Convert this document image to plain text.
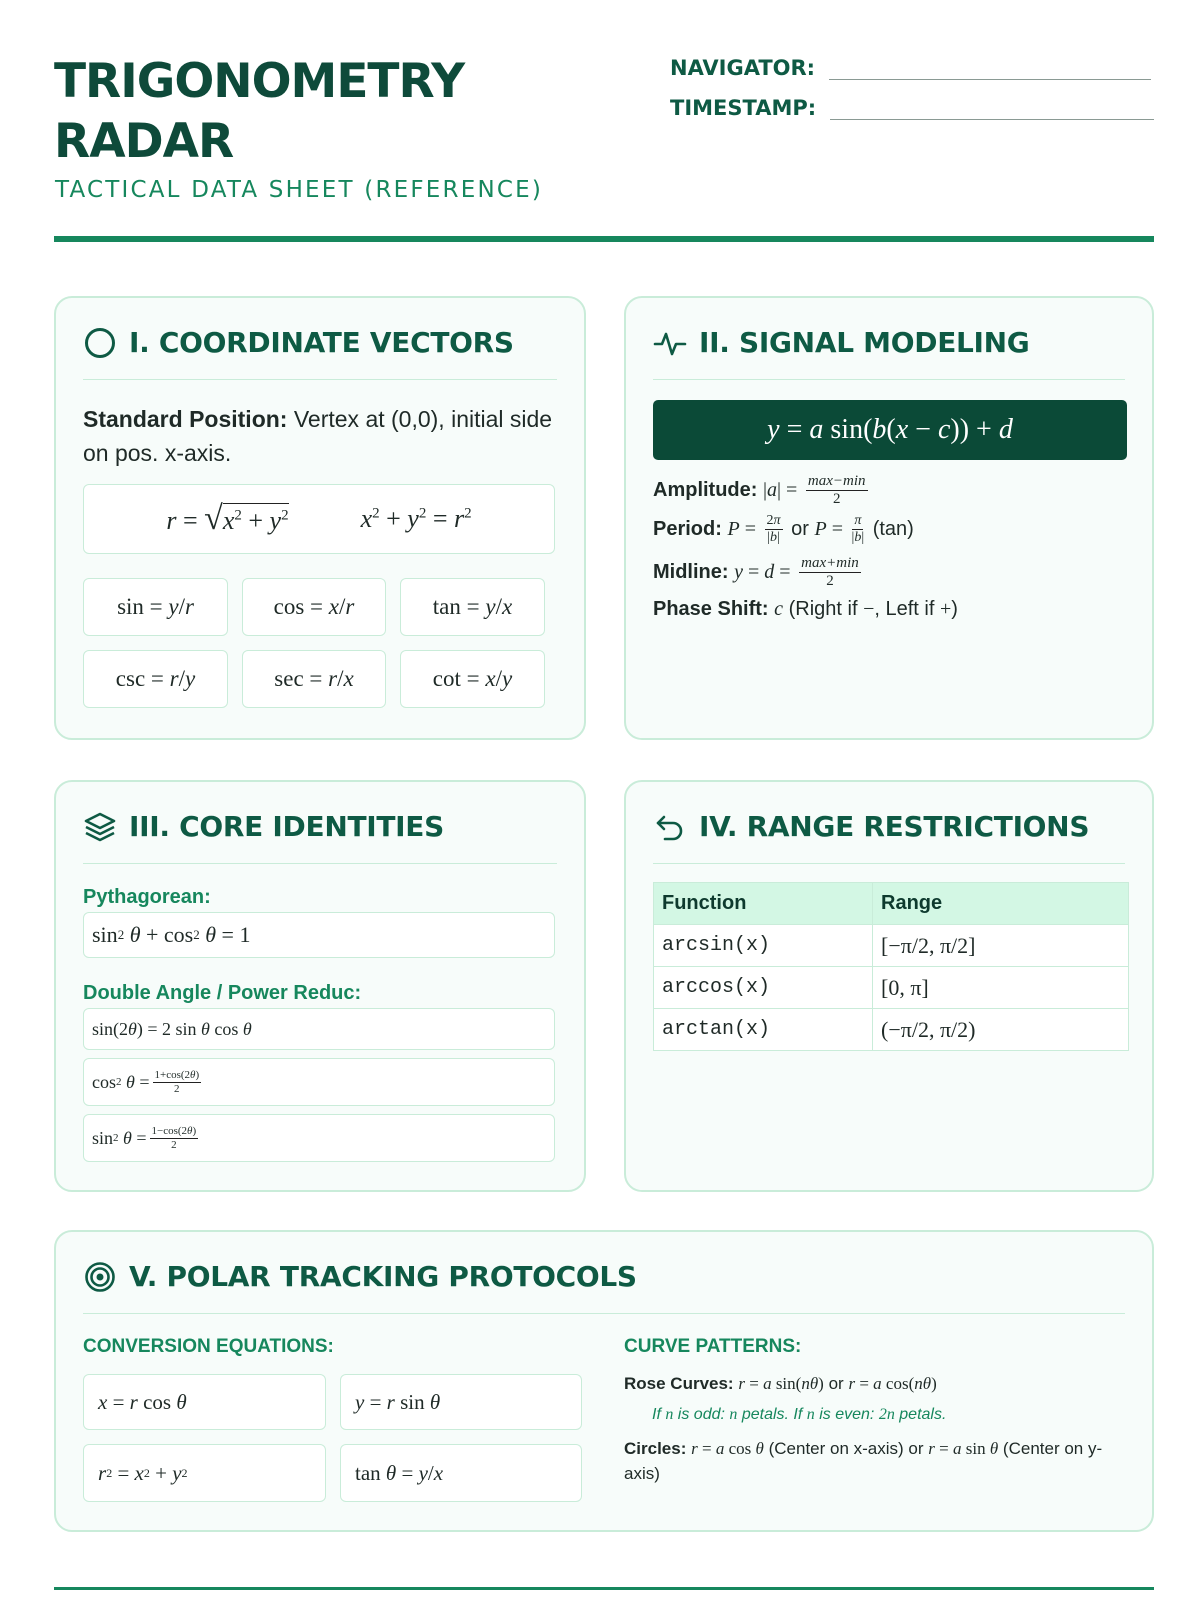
TRIGONOMETRY
RADAR
TACTICAL DATA SHEET (REFERENCE)
NAVIGATOR:
TIMESTAMP:
I. COORDINATE VECTORS
Standard Position: Vertex at (0,0), initial side on pos. x-axis.
$r = √x^2 + y^2$	$x^2 + y^2 = r^2$
sin = y / r	cos = x / r	tan = y / x
csc = r / y	sec = r / x	cot = x / y
II. SIGNAL MODELING
y = a sin(b(x − c)) + d
Amplitude: $|a| = \frac{\max-\min}{2}$
Period: $P = \frac{2\pi}{|b|}$ or $P = \frac{\pi}{|b|} (\tan)$
Midline: $y = d = \frac{\max+\min}{2}$
Phase Shift: c (Right if −, Left if +)
III. CORE IDENTITIES
Pythagorean:
sin 2
θ + cos 2
θ = 1
Double Angle / Power Reduc:
sin(2 θ ) = 2 sin θ cos θ
cos 2
$\theta = \frac{1+\cos(2\theta)}{2}$
sin 2
$\theta = \frac{1-\cos(2\theta)}{2}$
IV. RANGE RESTRICTIONS
Function	Range
arcsin(x)	[−π/2, π/2]
arccos(x)	[0, π]
arctan(x)	(−π/2, π/2)
V. POLAR TRACKING PROTOCOLS
CONVERSION EQUATIONS:
x = r cos θ	y = r sin θ
r 2 = x 2 + y 2	tan θ = y / x
CURVE PATTERNS:
Rose Curves: r = a sin(nθ) or r = a cos(nθ)
If n is odd: n petals. If n is even: 2n petals.
Circles: r = a cos θ (Center on x-axis) or r = a sin θ (Center on y-axis)
